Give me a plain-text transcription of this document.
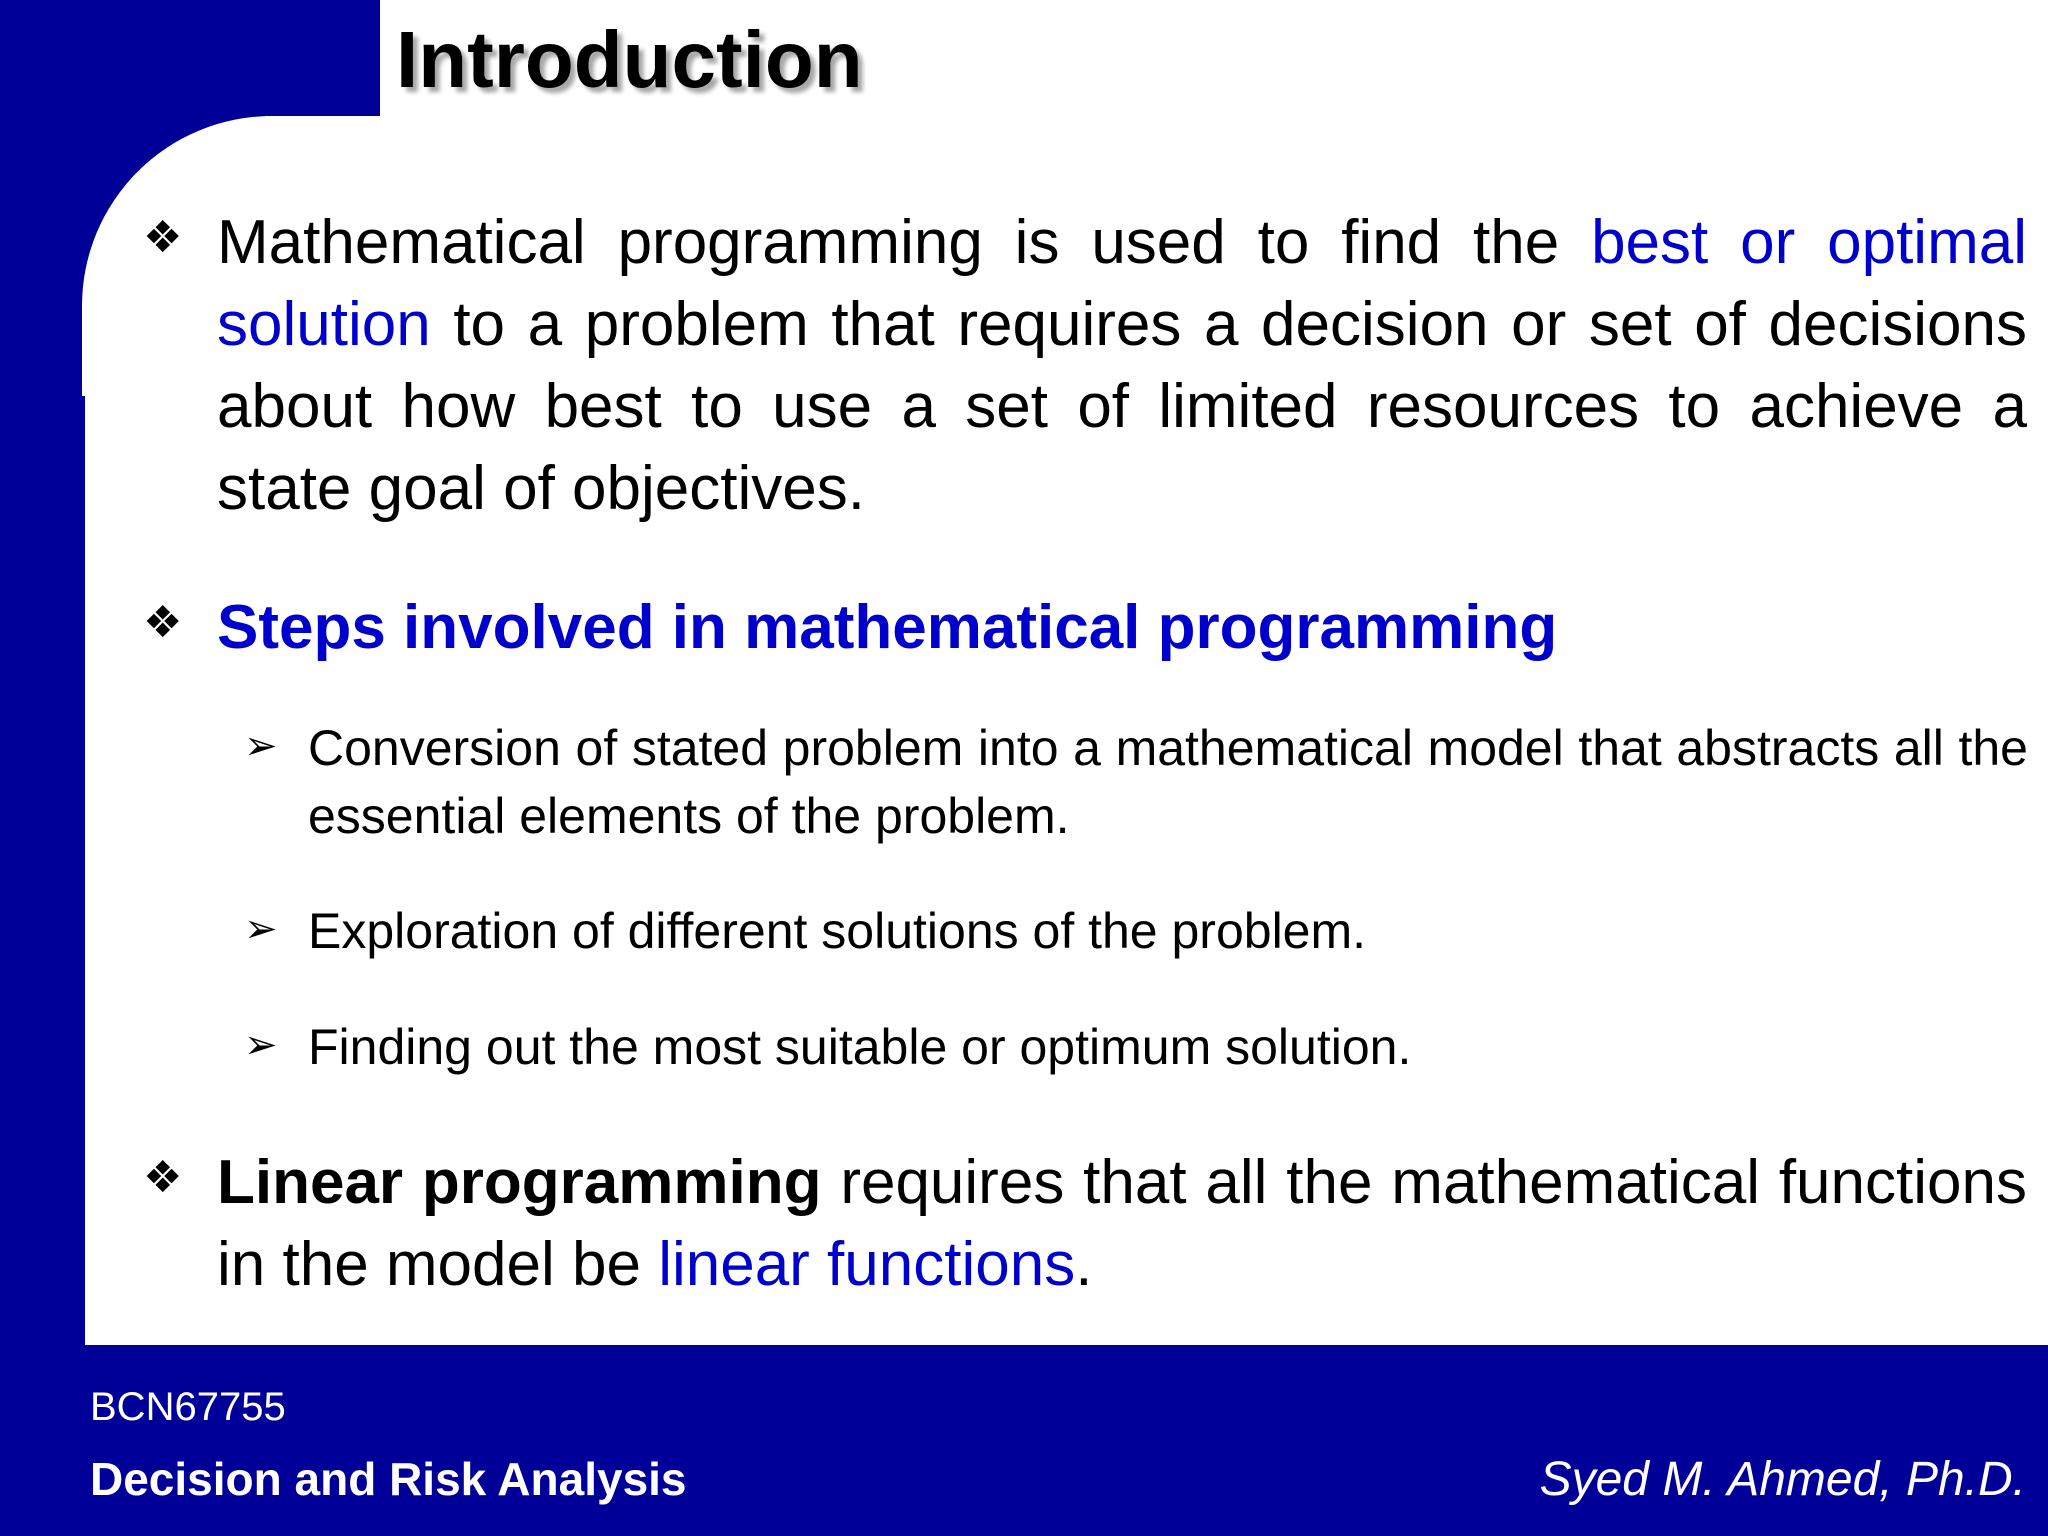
Introduction
❖ Mathematical programming is used to find the best or optimal solution to a problem that requires a decision or set of decisions about how best to use a set of limited resources to achieve a state goal of objectives.

❖ Steps involved in mathematical programming

➢ Conversion of stated problem into a mathematical model that abstracts all the essential elements of the problem.

➢ Exploration of different solutions of the problem.

➢ Finding out the most suitable or optimum solution.

❖ Linear programming requires that all the mathematical functions in the model be linear functions.

BCN67755
Decision and Risk Analysis	Syed M. Ahmed, Ph.D.
